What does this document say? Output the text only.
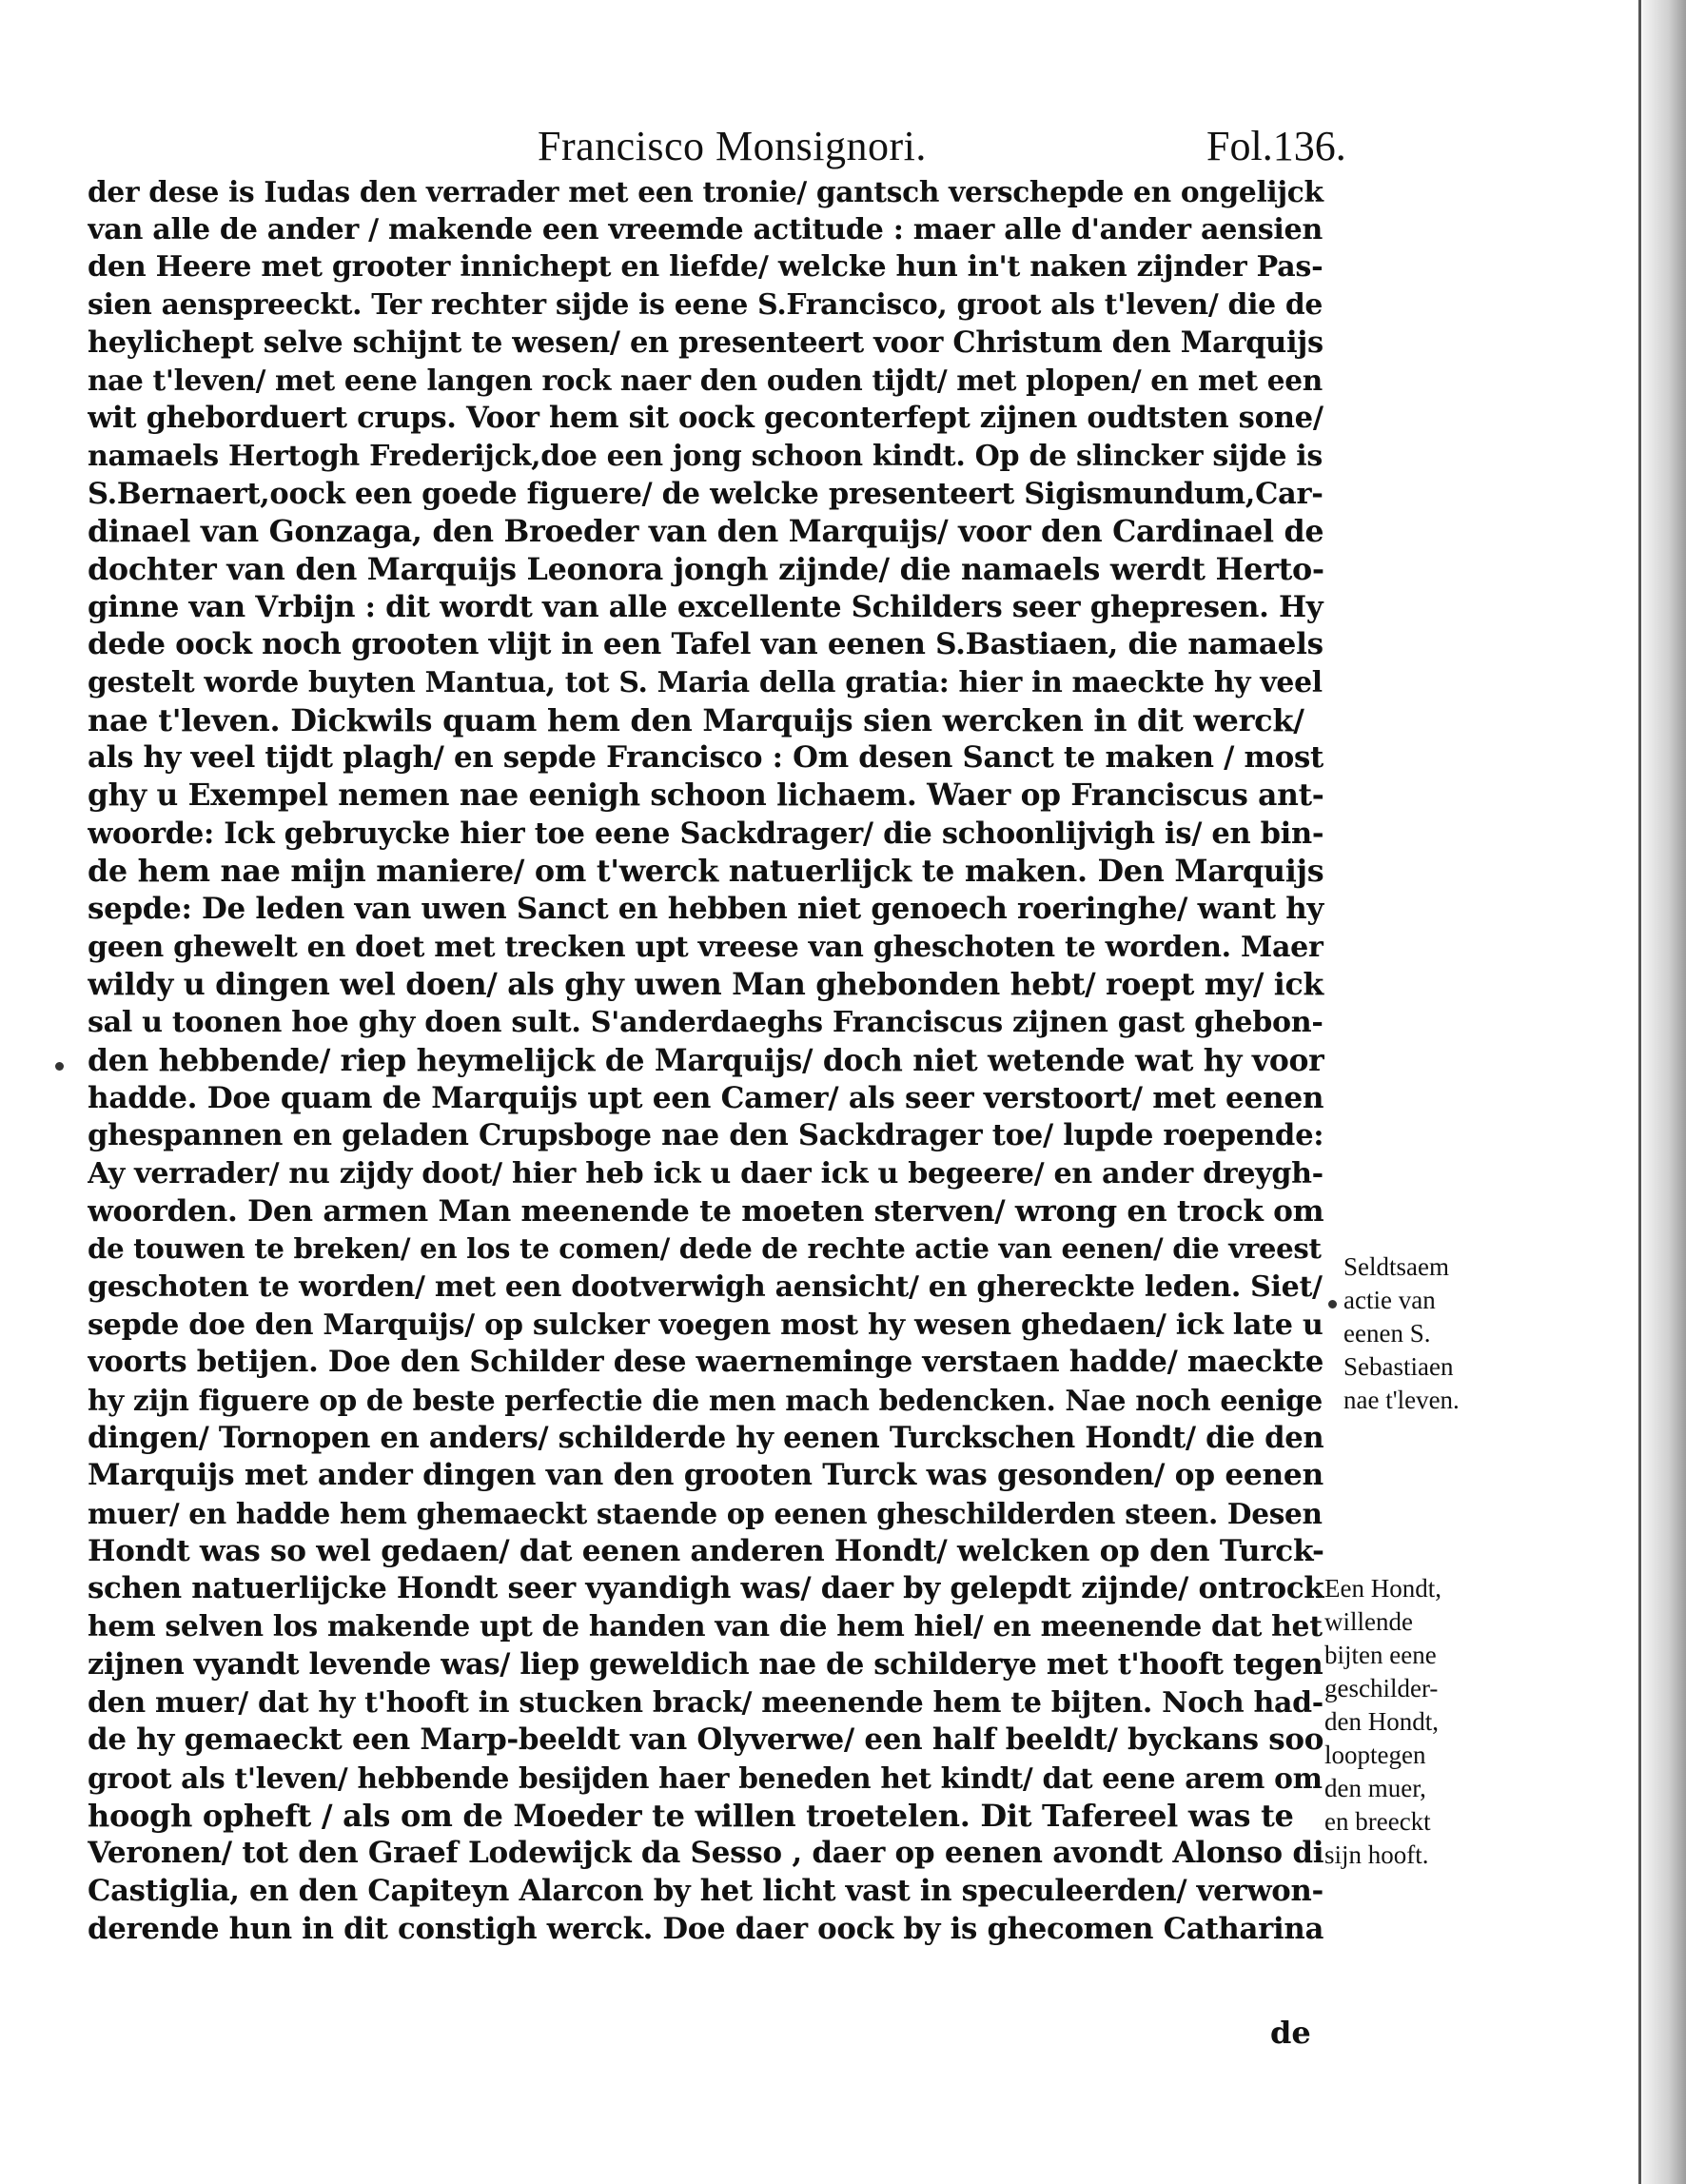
Francisco Monsignori.	Fol.136.
der dese is Iudas den verrader met een tronie/ gantsch verschepde en ongelijck
van alle de ander / makende een vreemde actitude : maer alle d'ander aensien
den Heere met grooter innichept en liefde/ welcke hun in't naken zijnder Pas-
sien aenspreeckt. Ter rechter sijde is eene S.Francisco, groot als t'leven/ die de
heylichept selve schijnt te wesen/ en presenteert voor Christum den Marquijs
nae t'leven/ met eene langen rock naer den ouden tijdt/ met plopen/ en met een
wit gheborduert crups. Voor hem sit oock geconterfept zijnen oudtsten sone/
namaels Hertogh Frederijck,doe een jong schoon kindt. Op de slincker sijde is
S.Bernaert,oock een goede figuere/ de welcke presenteert Sigismundum,Car-
dinael van Gonzaga, den Broeder van den Marquijs/ voor den Cardinael de
dochter van den Marquijs Leonora jongh zijnde/ die namaels werdt Herto-
ginne van Vrbijn : dit wordt van alle excellente Schilders seer ghepresen. Hy
dede oock noch grooten vlijt in een Tafel van eenen S.Bastiaen, die namaels
gestelt worde buyten Mantua, tot S. Maria della gratia: hier in maeckte hy veel
nae t'leven. Dickwils quam hem den Marquijs sien wercken in dit werck/
als hy veel tijdt plagh/ en sepde Francisco : Om desen Sanct te maken / most
ghy u Exempel nemen nae eenigh schoon lichaem. Waer op Franciscus ant-
woorde: Ick gebruycke hier toe eene Sackdrager/ die schoonlijvigh is/ en bin-
de hem nae mijn maniere/ om t'werck natuerlijck te maken. Den Marquijs
sepde: De leden van uwen Sanct en hebben niet genoech roeringhe/ want hy
geen ghewelt en doet met trecken upt vreese van gheschoten te worden. Maer
wildy u dingen wel doen/ als ghy uwen Man ghebonden hebt/ roept my/ ick
sal u toonen hoe ghy doen sult. S'anderdaeghs Franciscus zijnen gast ghebon-
den hebbende/ riep heymelijck de Marquijs/ doch niet wetende wat hy voor
hadde. Doe quam de Marquijs upt een Camer/ als seer verstoort/ met eenen
ghespannen en geladen Crupsboge nae den Sackdrager toe/ lupde roepende:
Ay verrader/ nu zijdy doot/ hier heb ick u daer ick u begeere/ en ander dreygh-
woorden. Den armen Man meenende te moeten sterven/ wrong en trock om
de touwen te breken/ en los te comen/ dede de rechte actie van eenen/ die vreest
geschoten te worden/ met een dootverwigh aensicht/ en ghereckte leden. Siet/
sepde doe den Marquijs/ op sulcker voegen most hy wesen ghedaen/ ick late u
voorts betijen. Doe den Schilder dese waerneminge verstaen hadde/ maeckte
hy zijn figuere op de beste perfectie die men mach bedencken. Nae noch eenige
dingen/ Tornopen en anders/ schilderde hy eenen Turckschen Hondt/ die den
Marquijs met ander dingen van den grooten Turck was gesonden/ op eenen
muer/ en hadde hem ghemaeckt staende op eenen gheschilderden steen. Desen
Hondt was so wel gedaen/ dat eenen anderen Hondt/ welcken op den Turck-
schen natuerlijcke Hondt seer vyandigh was/ daer by gelepdt zijnde/ ontrock
hem selven los makende upt de handen van die hem hiel/ en meenende dat het
zijnen vyandt levende was/ liep geweldich nae de schilderye met t'hooft tegen
den muer/ dat hy t'hooft in stucken brack/ meenende hem te bijten. Noch had-
de hy gemaeckt een Marp-beeldt van Olyverwe/ een half beeldt/ byckans soo
groot als t'leven/ hebbende besijden haer beneden het kindt/ dat eene arem om
hoogh opheft / als om de Moeder te willen troetelen. Dit Tafereel was te
Veronen/ tot den Graef Lodewijck da Sesso , daer op eenen avondt Alonso di
Castiglia, en den Capiteyn Alarcon by het licht vast in speculeerden/ verwon-
derende hun in dit constigh werck. Doe daer oock by is ghecomen Catharina
Seldtsaem
actie van
eenen S.
Sebastiaen
nae t'leven.
Een Hondt,
willende
bijten eene
geschilder-
den Hondt,
looptegen
den muer,
en breeckt
sijn hooft.
de
